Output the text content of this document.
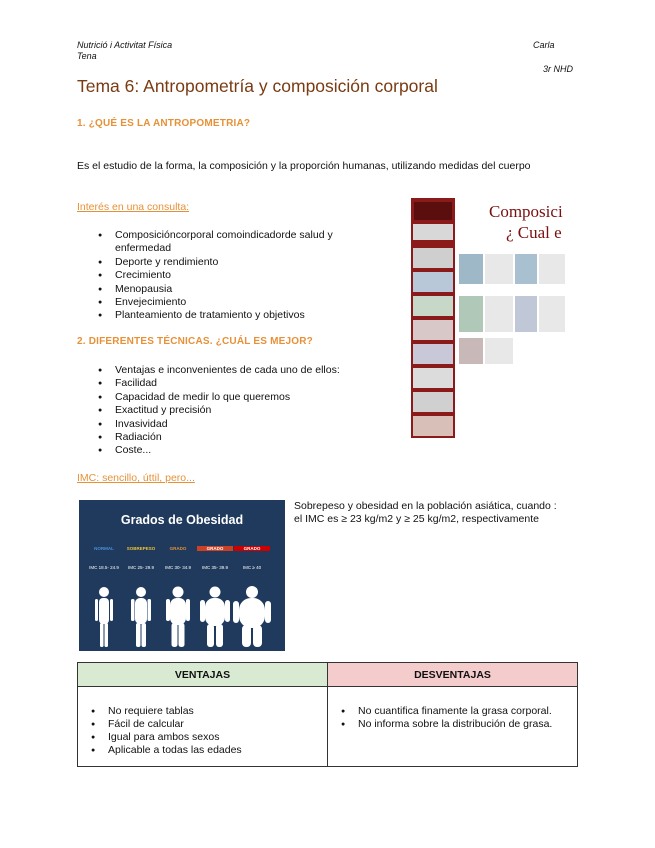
Nutrició i Activitat Física
Tena
Carla
3r NHD
Tema 6: Antropometría y composición corporal
1. ¿QUÉ ES LA ANTROPOMETRIA?
Es el estudio de la forma, la composición y la proporción humanas, utilizando medidas del cuerpo
Interés en una consulta:
● Composicióncorporal comoindicadorde salud y enfermedad
● Deporte y rendimiento
● Crecimiento
● Menopausia
● Envejecimiento
● Planteamiento de tratamiento y objetivos
2. DIFERENTES TÉCNICAS. ¿CUÁL ES MEJOR?
● Ventajas e inconvenientes de cada uno de ellos:
● Facilidad
● Capacidad de medir lo que queremos
● Exactitud y precisión
● Invasividad
● Radiación
● Coste...
IMC: sencillo, úttil, pero...
Composici
¿ Cual e
Sobrepeso y obesidad en la población asiática, cuando : el IMC es ≥ 23 kg/m2 y ≥ 25 kg/m2, respectivamente
Grados de Obesidad
NORMAL	SOBREPESO	GRADO	GRADO	GRADO
IMC 18.5- 24.9	IMC 25- 29.9	IMC 30- 34.9	IMC 35- 39.9	IMC ≥ 40
VENTAJAS	DESVENTAJAS
● No requiere tablas
● Fácil de calcular
● Igual para ambos sexos
● Aplicable a todas las edades
● No cuantifica finamente la grasa corporal.
● No informa sobre la distribución de grasa.
